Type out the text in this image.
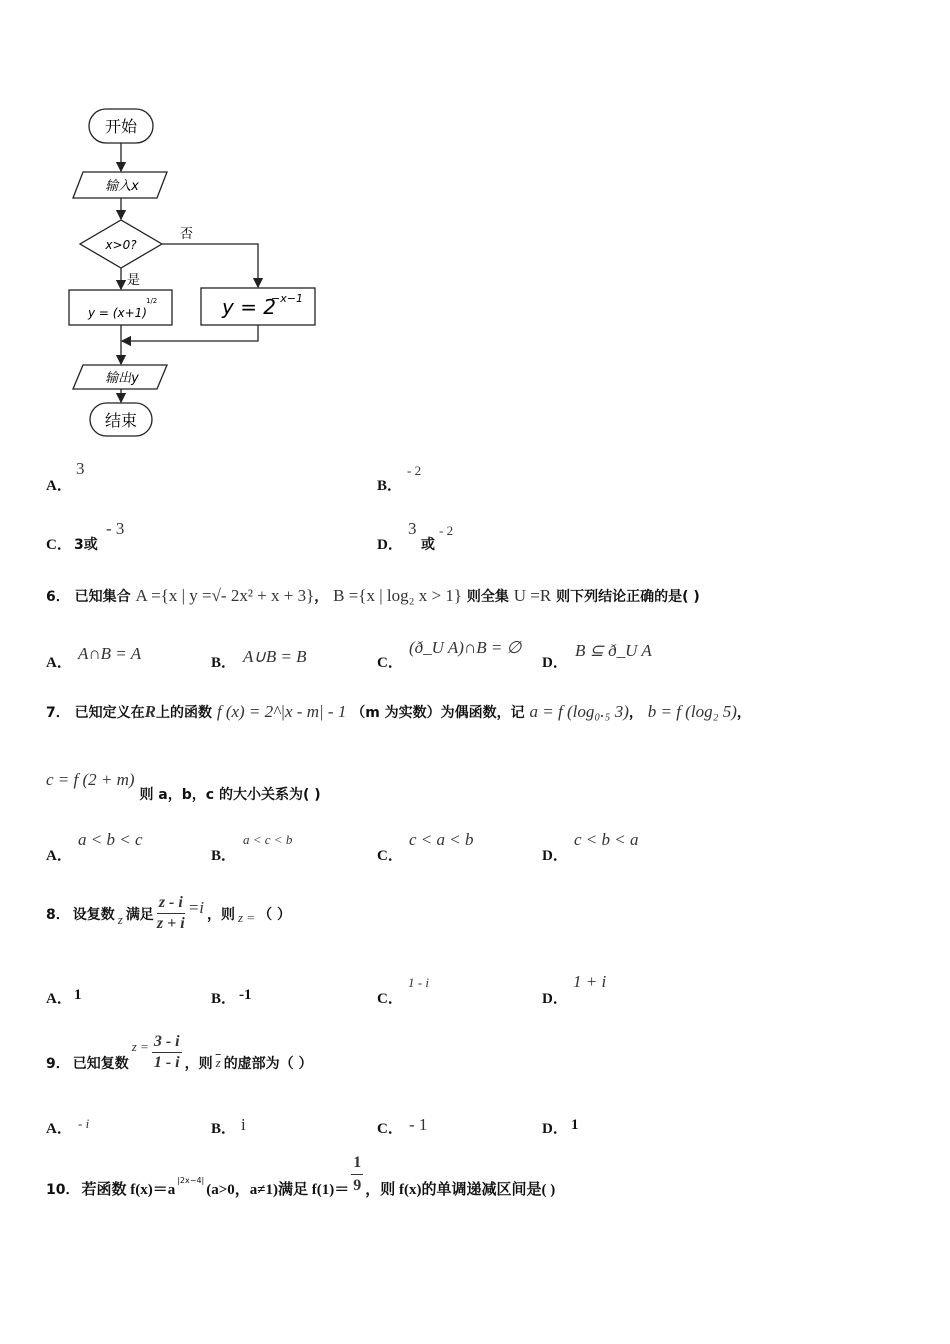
开始
输入x
x>0?
否
是
y = (x+1)
1/2	y = 2
−x−1
输出y
结束
A．
3
B．
- 2
C． 3或
- 3
D．
3
或
- 2
6． 已知集合 A ={x | y =√- 2x² + x + 3}， B ={x | log₂ x > 1} 则全集 U =R 则下列结论正确的是( )
A． A∩B = A	B． A∪B = B	C．
(ð_U A)∩B = ∅
D．
B ⊆ ð_U A
7． 已知定义在R上的函数 f (x) = 2^|x - m| - 1 （m 为实数）为偶函数，记 a = f (log₀.₅ 3)， b = f (log₂ 5)，
c = f (2 + m) 则 a，b，c 的大小关系为( )
A．
a < b < c
B．
a < c < b
C．
c < a < b
D．
c < b < a
8． 设复数 z 满足 $\frac{z - i}{z + i} =i$ ，则 z = （ ）
A． 1	B． -1	C．
1 - i
D．
1 + i
9． 已知复数
$z = \frac{3 - i}{1 - i}$ ，则 $\overline{z}$ 的虚部为（ ）
A． - i	B． i	C． - 1	D． 1
10． 若函数 f(x)＝a
|2x−4|
(a>0，a≠1)满足 $f(1)= \frac{1}{9}$ ，则 f(x)的单调递减区间是( )
